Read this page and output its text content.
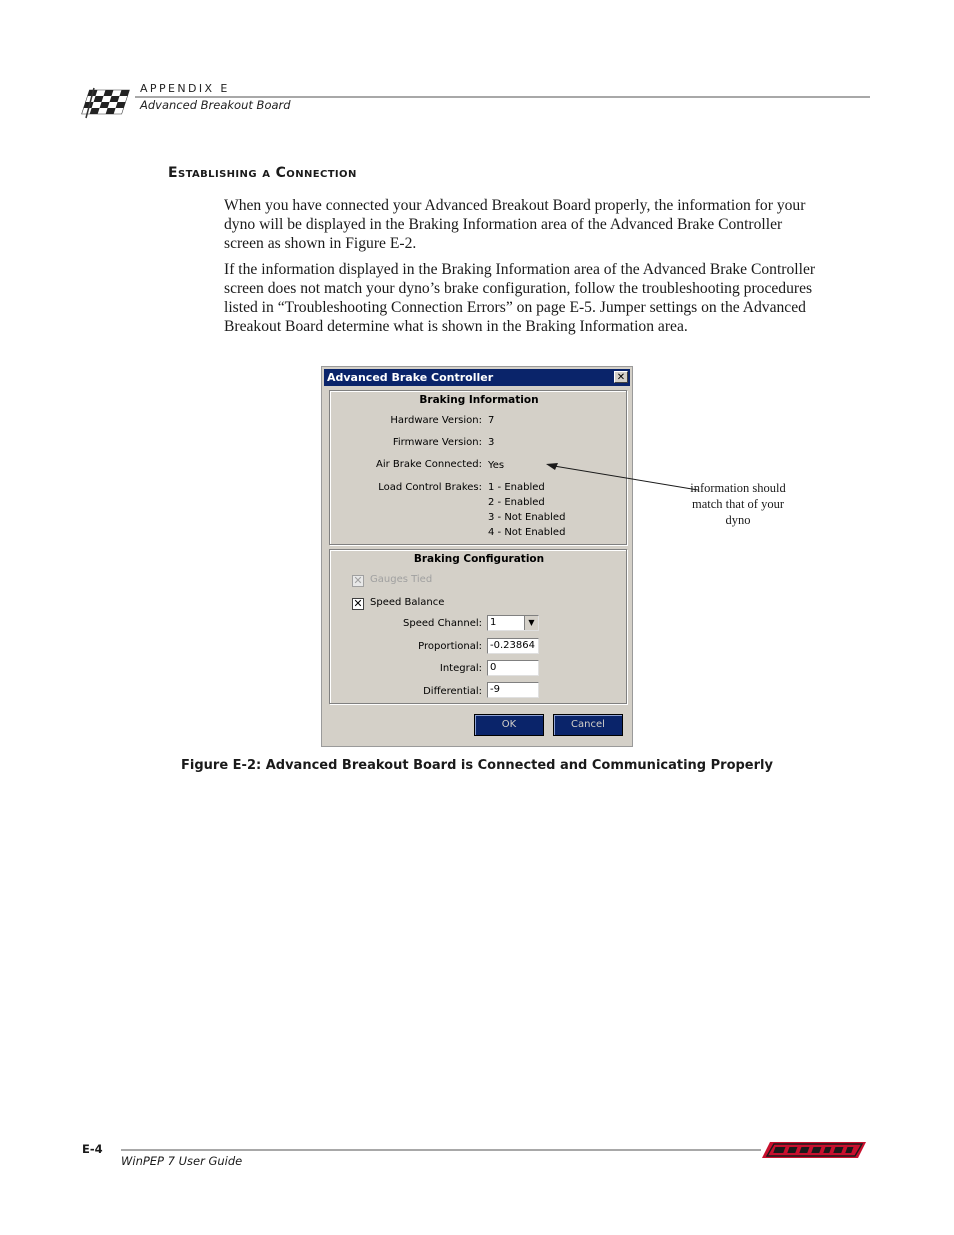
APPENDIX E
Advanced Breakout Board
Establishing a Connection

When you have connected your Advanced Breakout Board properly, the information for your dyno will be displayed in the Braking Information area of the Advanced Brake Controller screen as shown in Figure E-2.

If the information displayed in the Braking Information area of the Advanced Brake Controller screen does not match your dyno’s brake configuration, follow the troubleshooting procedures listed in “Troubleshooting Connection Errors” on page E-5. Jumper settings on the Advanced Breakout Board determine what is shown in the Braking Information area.

Advanced Brake Controller	✕
Braking Information
Hardware Version: 7
Firmware Version: 3
Air Brake Connected: Yes
Load Control Brakes: 1 - Enabled
2 - Enabled
3 - Not Enabled
4 - Not Enabled
Braking Configuration
✕ Gauges Tied
✕ Speed Balance
Speed Channel: 1	▼
Proportional: -0.23864
Integral: 0
Differential: -9
OK	Cancel
information should match that of your dyno
Figure E-2: Advanced Breakout Board is Connected and Communicating Properly
E-4
WinPEP 7 User Guide
